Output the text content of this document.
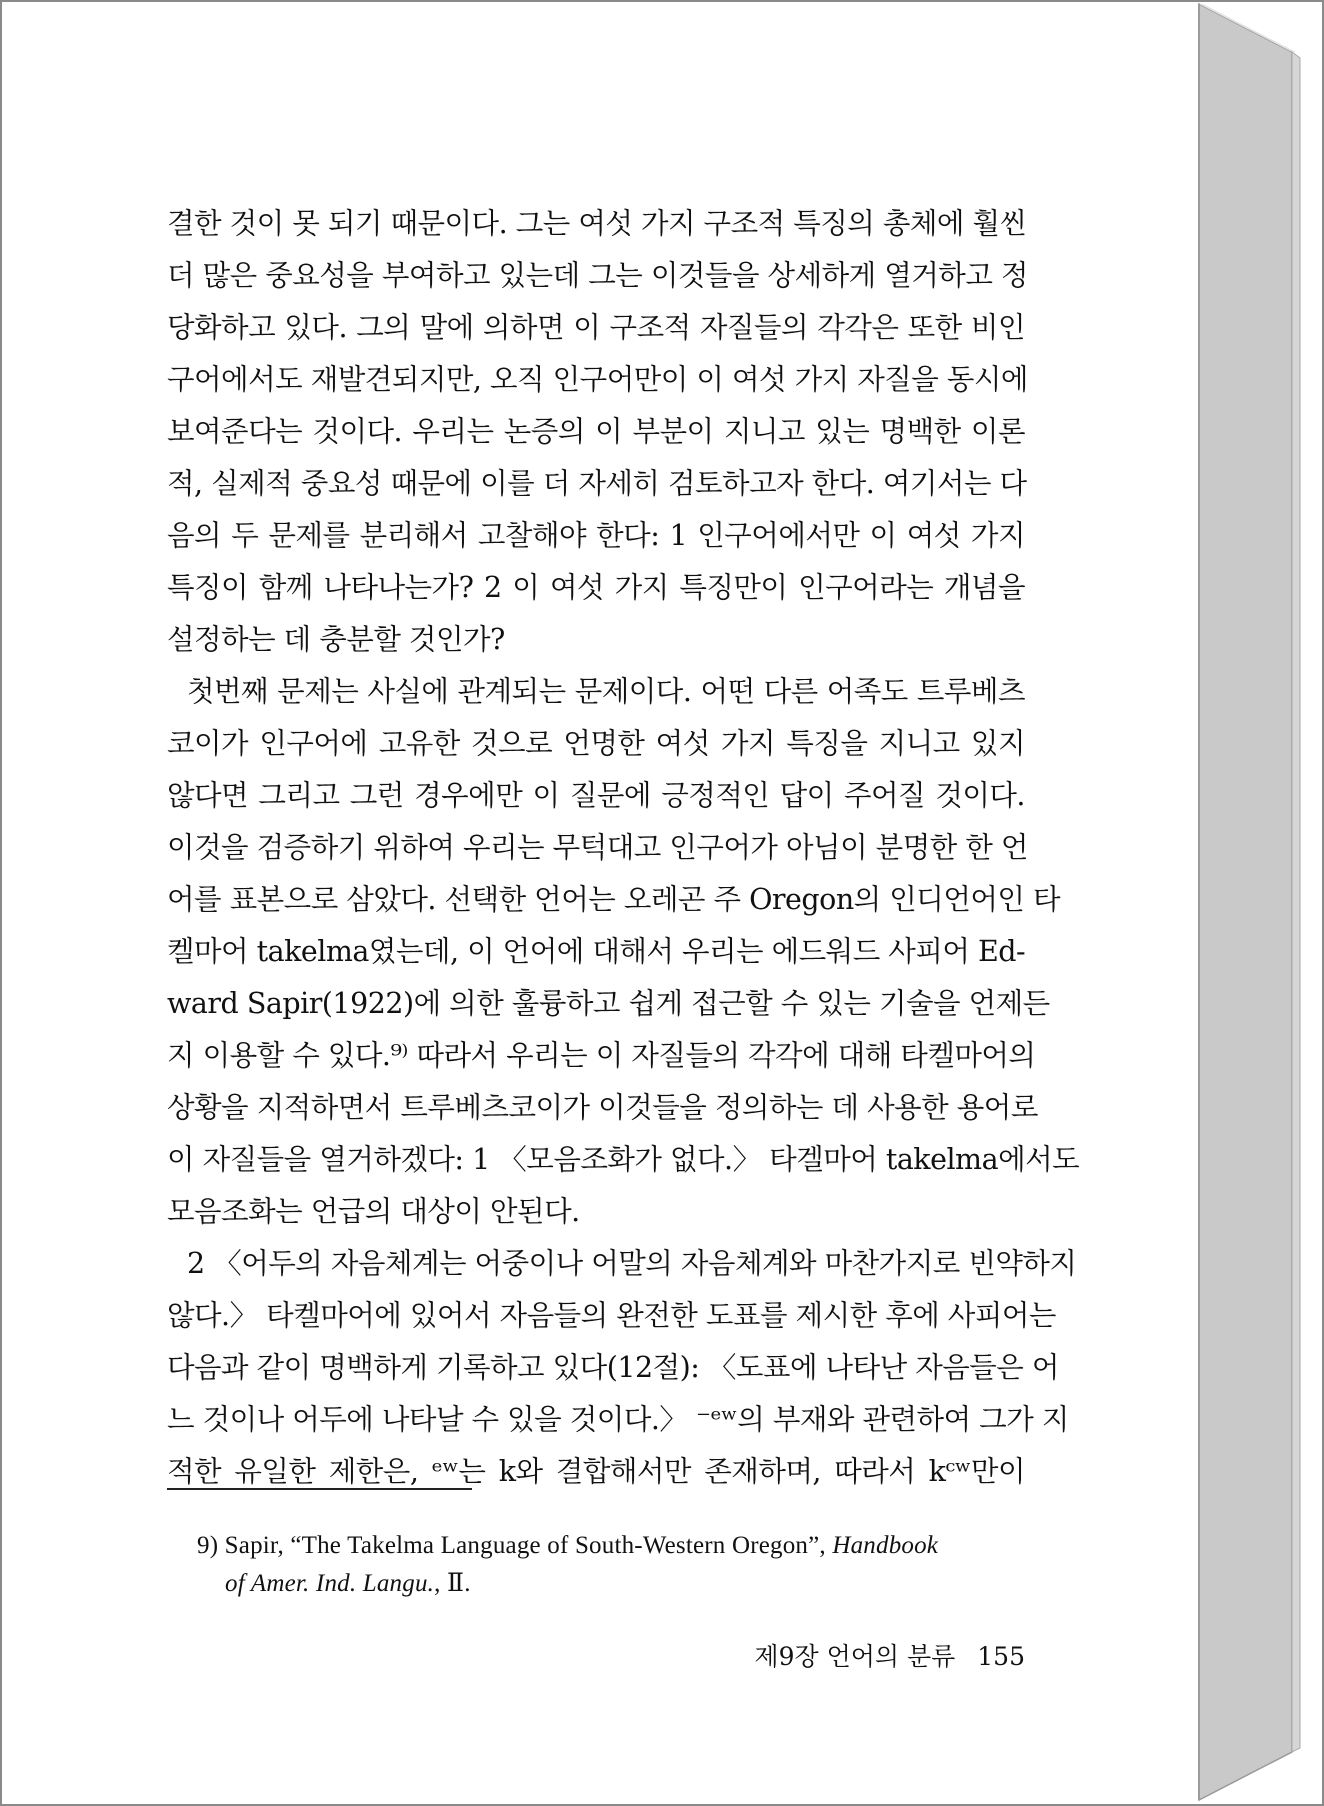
결한 것이 못 되기 때문이다. 그는 여섯 가지 구조적 특징의 총체에 훨씬
더 많은 중요성을 부여하고 있는데 그는 이것들을 상세하게 열거하고 정
당화하고 있다. 그의 말에 의하면 이 구조적 자질들의 각각은 또한 비인
구어에서도 재발견되지만, 오직 인구어만이 이 여섯 가지 자질을 동시에
보여준다는 것이다. 우리는 논증의 이 부분이 지니고 있는 명백한 이론
적, 실제적 중요성 때문에 이를 더 자세히 검토하고자 한다. 여기서는 다
음의 두 문제를 분리해서 고찰해야 한다: 1 인구어에서만 이 여섯 가지
특징이 함께 나타나는가? 2 이 여섯 가지 특징만이 인구어라는 개념을
설정하는 데 충분할 것인가?
첫번째 문제는 사실에 관계되는 문제이다. 어떤 다른 어족도 트루베츠
코이가 인구어에 고유한 것으로 언명한 여섯 가지 특징을 지니고 있지
않다면 그리고 그런 경우에만 이 질문에 긍정적인 답이 주어질 것이다.
이것을 검증하기 위하여 우리는 무턱대고 인구어가 아님이 분명한 한 언
어를 표본으로 삼았다. 선택한 언어는 오레곤 주 Oregon의 인디언어인 타
켈마어 takelma였는데, 이 언어에 대해서 우리는 에드워드 사피어 Ed-
ward Sapir(1922)에 의한 훌륭하고 쉽게 접근할 수 있는 기술을 언제든
지 이용할 수 있다.⁹⁾ 따라서 우리는 이 자질들의 각각에 대해 타켈마어의
상황을 지적하면서 트루베츠코이가 이것들을 정의하는 데 사용한 용어로
이 자질들을 열거하겠다: 1 〈모음조화가 없다.〉 타겔마어 takelma에서도
모음조화는 언급의 대상이 안된다.
2 〈어두의 자음체계는 어중이나 어말의 자음체계와 마찬가지로 빈약하지
않다.〉 타켈마어에 있어서 자음들의 완전한 도표를 제시한 후에 사피어는
다음과 같이 명백하게 기록하고 있다(12절): 〈도표에 나타난 자음들은 어
느 것이나 어두에 나타날 수 있을 것이다.〉 ⁻ᵉʷ의 부재와 관련하여 그가 지
적한 유일한 제한은, ᵉʷ는 k와 결합해서만 존재하며, 따라서 kᶜʷ만이
9) Sapir, “The Takelma Language of South-Western Oregon”, Handbook
of Amer. Ind. Langu., Ⅱ.
제9장 언어의 분류 155
